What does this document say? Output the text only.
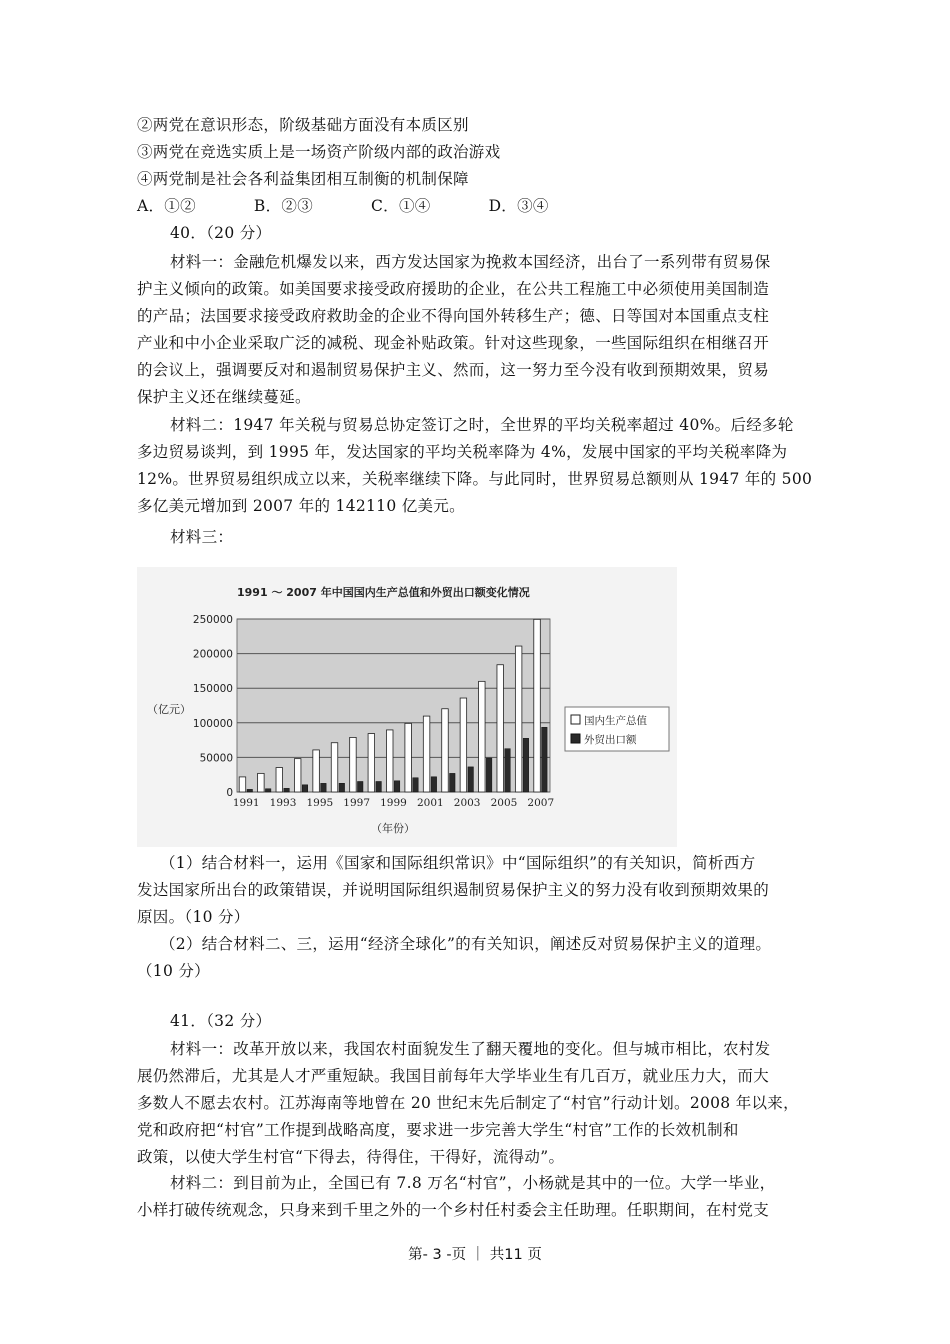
②两党在意识形态，阶级基础方面没有本质区别
③两党在竞选实质上是一场资产阶级内部的政治游戏
④两党制是社会各利益集团相互制衡的机制保障
A．①②	B．②③	C．①④	D．③④
40．（20 分）
材料一：金融危机爆发以来，西方发达国家为挽救本国经济，出台了一系列带有贸易保
护主义倾向的政策。如美国要求接受政府援助的企业，在公共工程施工中必须使用美国制造
的产品；法国要求接受政府救助金的企业不得向国外转移生产；德、日等国对本国重点支柱
产业和中小企业采取广泛的减税、现金补贴政策。针对这些现象，一些国际组织在相继召开
的会议上，强调要反对和遏制贸易保护主义、然而，这一努力至今没有收到预期效果，贸易
保护主义还在继续蔓延。
材料二：1947 年关税与贸易总协定签订之时，全世界的平均关税率超过 40%。后经多轮
多边贸易谈判，到 1995 年，发达国家的平均关税率降为 4%，发展中国家的平均关税率降为
12%。世界贸易组织成立以来，关税率继续下降。与此同时，世界贸易总额则从 1947 年的 500
多亿美元增加到 2007 年的 142110 亿美元。
材料三：
0
50000
100000
150000
200000
250000
1991 ～ 2007 年中国国内生产总值和外贸出口额变化情况
（亿元）
1991 1993 1995 1997 1999 2001 2003 2005 2007
（年份）
国内生产总值
外贸出口额
（1）结合材料一，运用《国家和国际组织常识》中“国际组织”的有关知识，简析西方
发达国家所出台的政策错误，并说明国际组织遏制贸易保护主义的努力没有收到预期效果的
原因。（10 分）
（2）结合材料二、三，运用“经济全球化”的有关知识，阐述反对贸易保护主义的道理。
（10 分）
41．（32 分）
材料一：改革开放以来，我国农村面貌发生了翻天覆地的变化。但与城市相比，农村发
展仍然滞后，尤其是人才严重短缺。我国目前每年大学毕业生有几百万，就业压力大，而大
多数人不愿去农村。江苏海南等地曾在 20 世纪末先后制定了“村官”行动计划。2008 年以来，
党和政府把“村官”工作提到战略高度，要求进一步完善大学生“村官”工作的长效机制和
政策，以使大学生村官“下得去，待得住，干得好，流得动”。
材料二：到目前为止，全国已有 7.8 万名“村官”，小杨就是其中的一位。大学一毕业，
小样打破传统观念，只身来到千里之外的一个乡村任村委会主任助理。任职期间，在村党支
第- 3 -页 ｜ 共11 页
